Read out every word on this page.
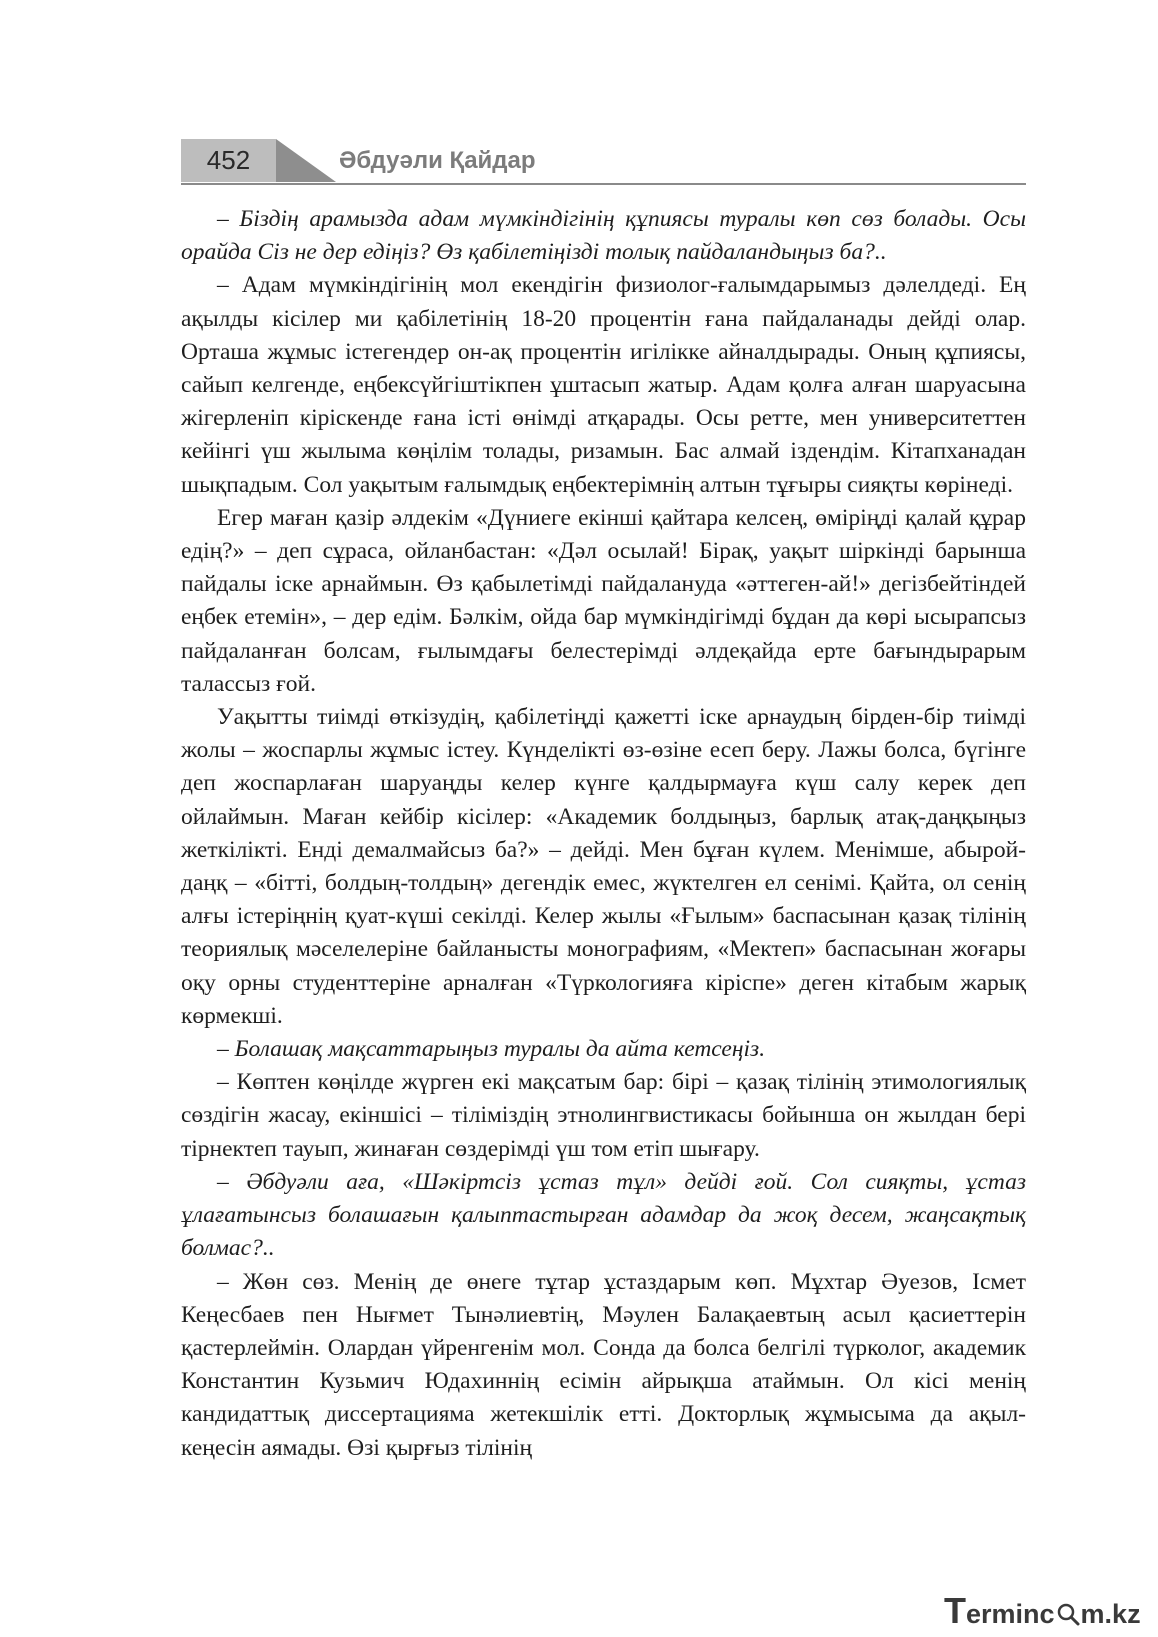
452	Әбдуәли Қайдар

– Біздің арамызда адам мүмкіндігінің құпиясы туралы көп сөз болады. Осы орайда Сіз не дер едіңіз? Өз қабілетіңізді толық пайдаландыңыз ба?..

– Адам мүмкіндігінің мол екендігін физиолог-ғалымдарымыз дәлелдеді. Ең ақылды кісілер ми қабілетінің 18-20 процентін ғана пайдаланады дейді олар. Орташа жұмыс істегендер он-ақ процентін игілікке айналдырады. Оның құпиясы, сайып келгенде, еңбексүйгіштікпен ұштасып жатыр. Адам қолға алған шаруасына жігерленіп кірiскенде ғана істі өнімді атқарады. Осы ретте, мен университеттен кейінгі үш жылыма көңілім толады, ризамын. Бас алмай іздендім. Кітапханадан шықпадым. Сол уақытым ғалымдық еңбектерімнің алтын тұғыры сияқты көрінеді.

Егер маған қазір әлдекім «Дүниеге екінші қайтара келсең, өміріңді қалай құрар едің?» – деп сұраса, ойланбастан: «Дәл осылай! Бірақ, уақыт шіркінді барынша пайдалы іске арнаймын. Өз қабылетімді пайдалануда «әттеген-ай!» дегізбейтіндей еңбек етемін», – дер едім. Бәлкім, ойда бар мүмкіндігімді бұдан да көрі ысырапсыз пайдаланған болсам, ғылымдағы белестерімді әлдеқайда ерте бағындырарым талассыз ғой.

Уақытты тиімді өткізудің, қабілетіңді қажетті іске арнаудың бірден-бір тиімді жолы – жоспарлы жұмыс істеу. Күнделікті өз-өзіне есеп беру. Лажы болса, бүгінге деп жоспарлаған шаруаңды келер күнге қалдырмауға күш салу керек деп ойлаймын. Маған кейбір кісілер: «Академик болдыңыз, барлық атақ-даңқыңыз жеткілікті. Енді демалмайсыз ба?» – дейді. Мен бұған күлем. Менімше, абырой-даңқ – «бітті, болдың-толдың» дегендік емес, жүктелген ел сенімі. Қайта, ол сенің алғы істеріңнің қуат-күші секілді. Келер жылы «Ғылым» баспасынан қазақ тілінің теориялық мәселелеріне байланысты монографиям, «Мектеп» баспасынан жоғары оқу орны студенттеріне арналған «Түркологияға кіріспе» деген кітабым жарық көрмекші.

– Болашақ мақсаттарыңыз туралы да айта кетсеңіз.

– Көптен көңілде жүрген екі мақсатым бар: бірі – қазақ тілінің этимологиялық сөздігін жасау, екіншісі – тіліміздің этнолингвистикасы бойынша он жылдан бері тірнектеп тауып, жинаған сөздерімді үш том етіп шығару.

– Әбдуәли аға, «Шәкіртсіз ұстаз тұл» дейді ғой. Сол сияқты, ұстаз ұлағатынсыз болашағын қалыптастырған адамдар да жоқ десем, жаңсақтық болмас?..

– Жөн сөз. Менің де өнеге тұтар ұстаздарым көп. Мұхтар Әуезов, Ісмет Кеңесбаев пен Нығмет Тынәлиевтің, Мәулен Балақаевтың асыл қасиеттерін қастерлеймін. Олардан үйренгенім мол. Сонда да болса белгілі түрколог, академик Константин Кузьмич Юдахиннің есімін айрықша атаймын. Ол кісі менің кандидаттық диссертацияма жетекшілік етті. Докторлық жұмысыма да ақыл-кеңесін аямады. Өзі қырғыз тілінің

Terminc m.kz
